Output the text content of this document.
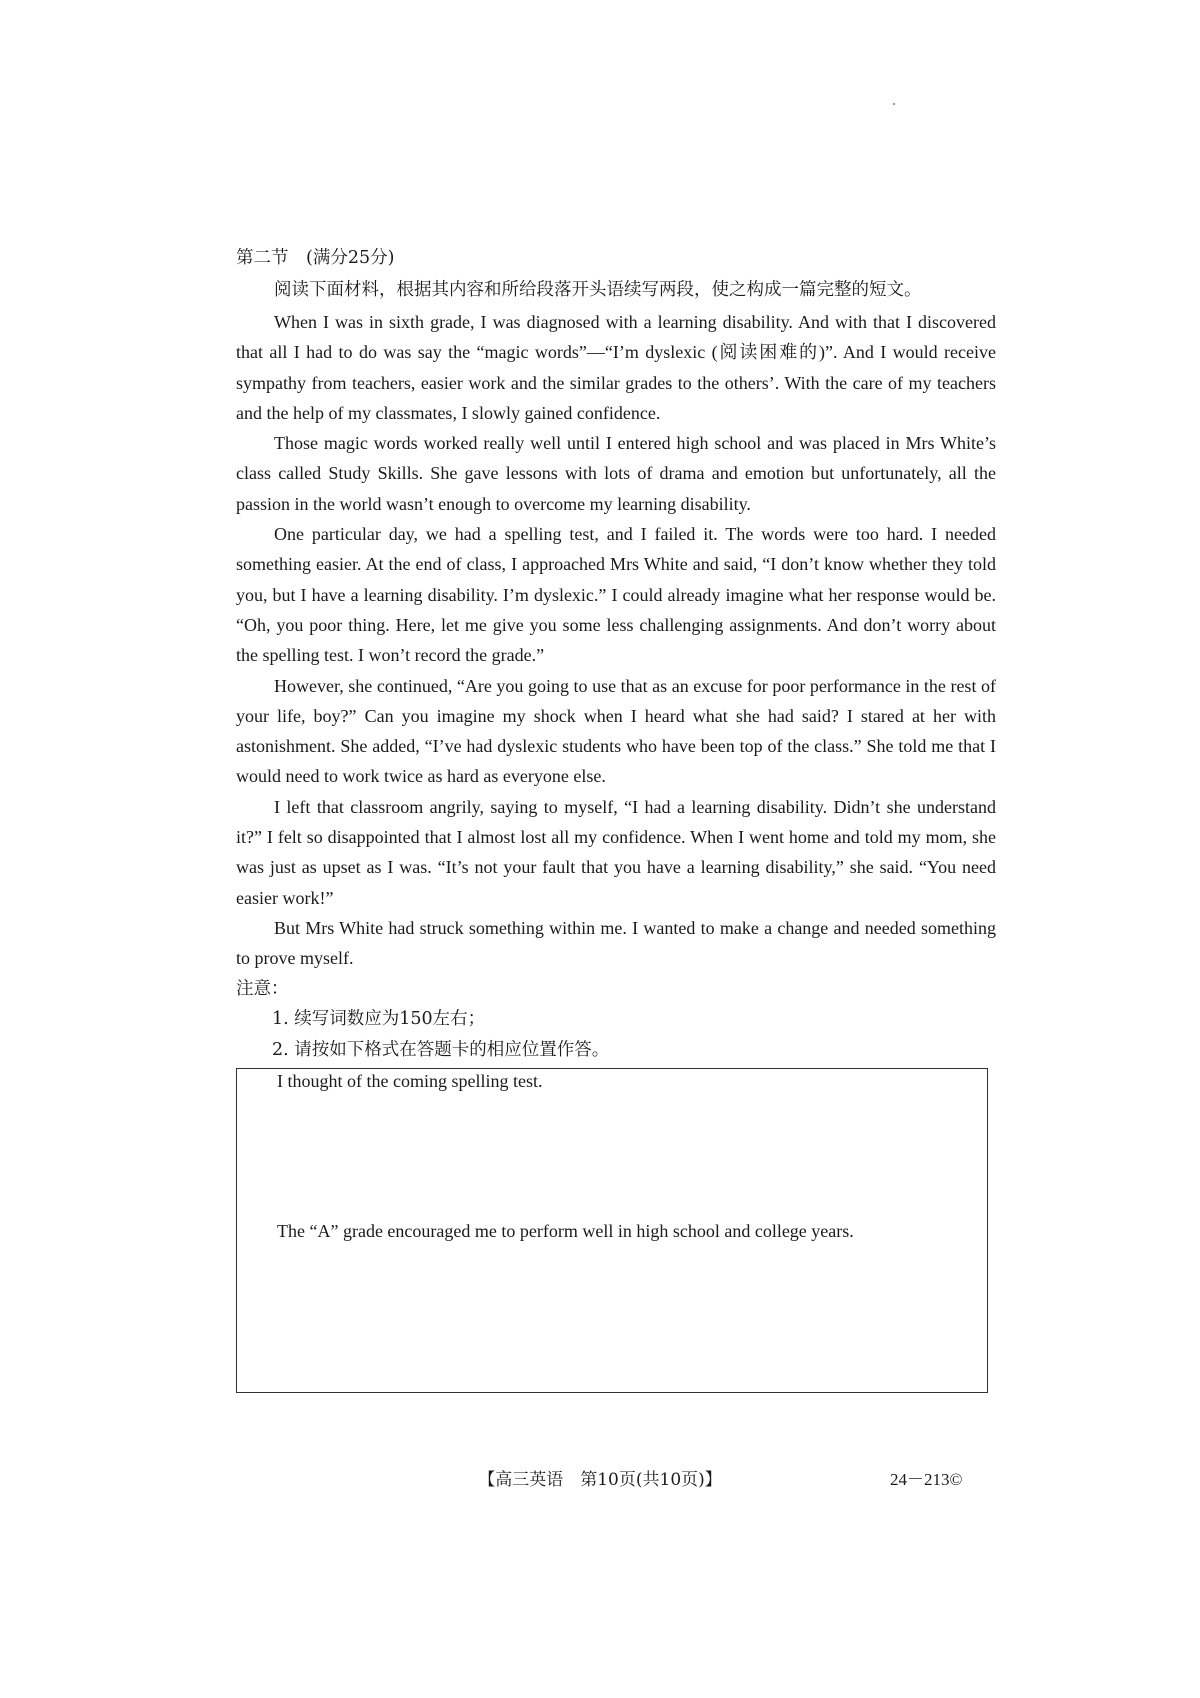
第二节　(满分25分)

阅读下面材料，根据其内容和所给段落开头语续写两段，使之构成一篇完整的短文。

When I was in sixth grade, I was diagnosed with a learning disability. And with that I discovered that all I had to do was say the “magic words”—“I’m dyslexic (阅读困难的)”. And I would receive sympathy from teachers, easier work and the similar grades to the others’. With the care of my teachers and the help of my classmates, I slowly gained confidence.

Those magic words worked really well until I entered high school and was placed in Mrs White’s class called Study Skills. She gave lessons with lots of drama and emotion but unfortunately, all the passion in the world wasn’t enough to overcome my learning disability.

One particular day, we had a spelling test, and I failed it. The words were too hard. I needed something easier. At the end of class, I approached Mrs White and said, “I don’t know whether they told you, but I have a learning disability. I’m dyslexic.” I could already imagine what her response would be. “Oh, you poor thing. Here, let me give you some less challenging assignments. And don’t worry about the spelling test. I won’t record the grade.”

However, she continued, “Are you going to use that as an excuse for poor performance in the rest of your life, boy?” Can you imagine my shock when I heard what she had said? I stared at her with astonishment. She added, “I’ve had dyslexic students who have been top of the class.” She told me that I would need to work twice as hard as everyone else.

I left that classroom angrily, saying to myself, “I had a learning disability. Didn’t she understand it?” I felt so disappointed that I almost lost all my confidence. When I went home and told my mom, she was just as upset as I was. “It’s not your fault that you have a learning disability,” she said. “You need easier work!”

But Mrs White had struck something within me. I wanted to make a change and needed something to prove myself.

注意：

1. 续写词数应为150左右；

2. 请按如下格式在答题卡的相应位置作答。

I thought of the coming spelling test.

The “A” grade encouraged me to perform well in high school and college years.

【高三英语　第10页(共10页)】	24－213©
